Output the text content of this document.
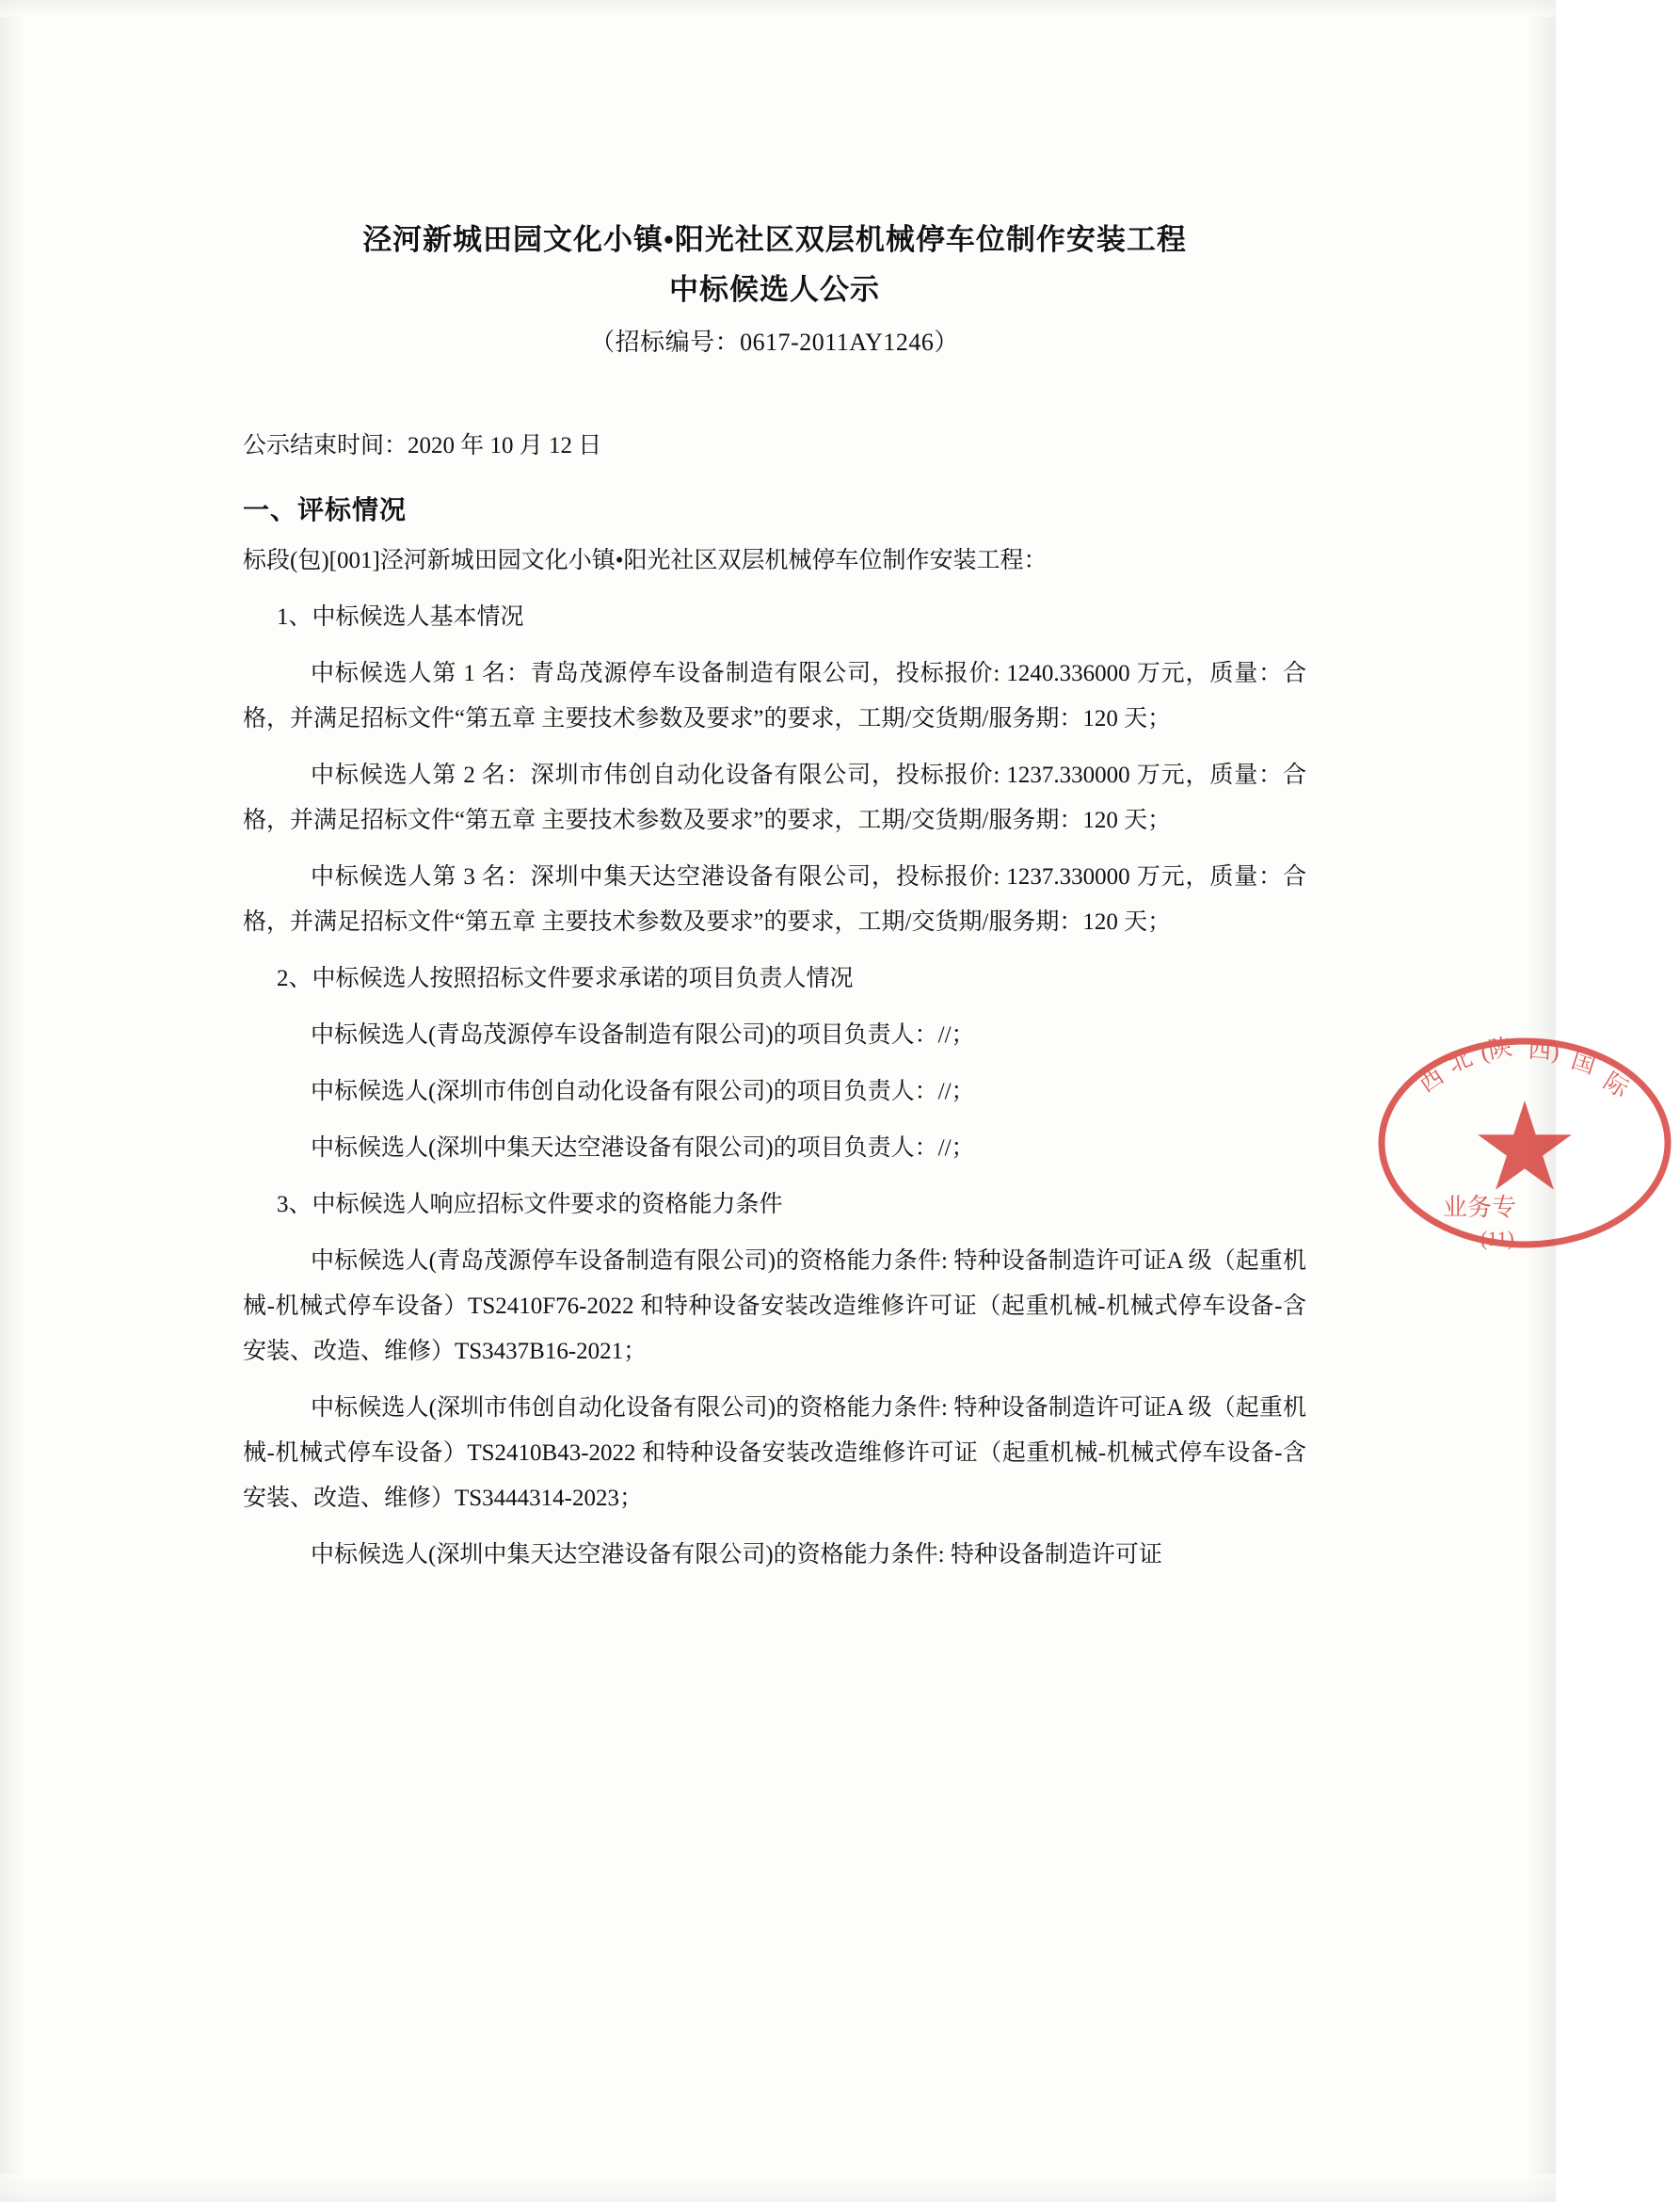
泾河新城田园文化小镇•阳光社区双层机械停车位制作安装工程
中标候选人公示
（招标编号：0617-2011AY1246）
公示结束时间：2020 年 10 月 12 日
一、评标情况

标段(包)[001]泾河新城田园文化小镇•阳光社区双层机械停车位制作安装工程：

1、中标候选人基本情况

中标候选人第 1 名：青岛茂源停车设备制造有限公司，投标报价: 1240.336000 万元，质量：合格，并满足招标文件“第五章 主要技术参数及要求”的要求，工期/交货期/服务期：120 天；

中标候选人第 2 名：深圳市伟创自动化设备有限公司，投标报价: 1237.330000 万元，质量：合格，并满足招标文件“第五章 主要技术参数及要求”的要求，工期/交货期/服务期：120 天；

中标候选人第 3 名：深圳中集天达空港设备有限公司，投标报价: 1237.330000 万元，质量：合格，并满足招标文件“第五章 主要技术参数及要求”的要求，工期/交货期/服务期：120 天；

2、中标候选人按照招标文件要求承诺的项目负责人情况

中标候选人(青岛茂源停车设备制造有限公司)的项目负责人：//；

中标候选人(深圳市伟创自动化设备有限公司)的项目负责人：//；

中标候选人(深圳中集天达空港设备有限公司)的项目负责人：//；

3、中标候选人响应招标文件要求的资格能力条件

中标候选人(青岛茂源停车设备制造有限公司)的资格能力条件: 特种设备制造许可证A 级（起重机械-机械式停车设备）TS2410F76-2022 和特种设备安装改造维修许可证（起重机械-机械式停车设备-含安装、改造、维修）TS3437B16-2021；

中标候选人(深圳市伟创自动化设备有限公司)的资格能力条件: 特种设备制造许可证A 级（起重机械-机械式停车设备）TS2410B43-2022 和特种设备安装改造维修许可证（起重机械-机械式停车设备-含安装、改造、维修）TS3444314-2023；

中标候选人(深圳中集天达空港设备有限公司)的资格能力条件: 特种设备制造许可证

西
北 (陕 西) 国
际
业务专
(11)
